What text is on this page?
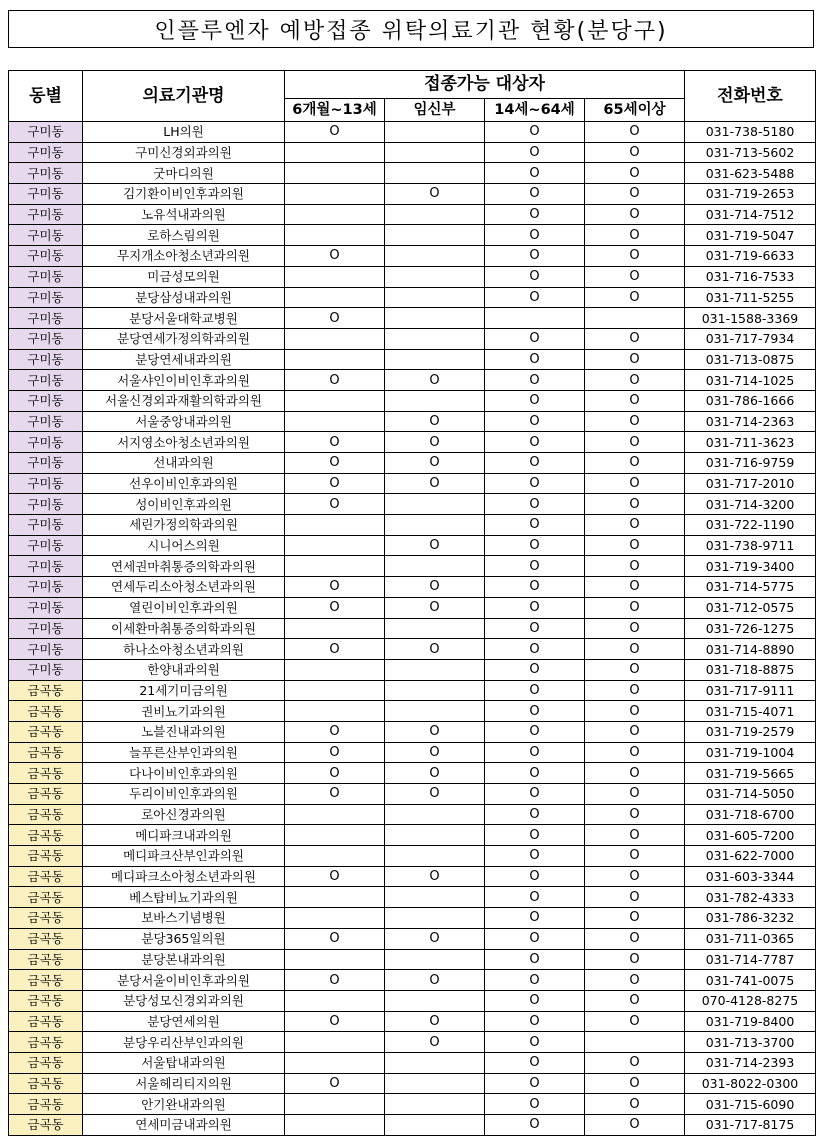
인플루엔자 예방접종 위탁의료기관 현황(분당구)
동별	의료기관명	접종가능 대상자				전화번호
		6개월~13세	임신부	14세~64세	65세이상	
구미동	LH의원	O		O	O	031-738-5180
구미동	구미신경외과의원			O	O	031-713-5602
구미동	굿마디의원			O	O	031-623-5488
구미동	김기환이비인후과의원		O	O	O	031-719-2653
구미동	노유석내과의원			O	O	031-714-7512
구미동	로하스림의원			O	O	031-719-5047
구미동	무지개소아청소년과의원	O		O	O	031-719-6633
구미동	미금성모의원			O	O	031-716-7533
구미동	분당삼성내과의원			O	O	031-711-5255
구미동	분당서울대학교병원	O				031-1588-3369
구미동	분당연세가정의학과의원			O	O	031-717-7934
구미동	분당연세내과의원			O	O	031-713-0875
구미동	서울샤인이비인후과의원	O	O	O	O	031-714-1025
구미동	서울신경외과재활의학과의원			O	O	031-786-1666
구미동	서울중앙내과의원		O	O	O	031-714-2363
구미동	서지영소아청소년과의원	O	O	O	O	031-711-3623
구미동	선내과의원	O	O	O	O	031-716-9759
구미동	선우이비인후과의원	O	O	O	O	031-717-2010
구미동	성이비인후과의원	O		O	O	031-714-3200
구미동	세린가정의학과의원			O	O	031-722-1190
구미동	시니어스의원		O	O	O	031-738-9711
구미동	연세권마취통증의학과의원			O	O	031-719-3400
구미동	연세두리소아청소년과의원	O	O	O	O	031-714-5775
구미동	열린이비인후과의원	O	O	O	O	031-712-0575
구미동	이세환마취통증의학과의원			O	O	031-726-1275
구미동	하나소아청소년과의원	O	O	O	O	031-714-8890
구미동	한양내과의원			O	O	031-718-8875
금곡동	21세기미금의원			O	O	031-717-9111
금곡동	권비뇨기과의원			O	O	031-715-4071
금곡동	노블진내과의원	O	O	O	O	031-719-2579
금곡동	늘푸른산부인과의원	O	O	O	O	031-719-1004
금곡동	다나이비인후과의원	O	O	O	O	031-719-5665
금곡동	두리이비인후과의원	O	O	O	O	031-714-5050
금곡동	로아신경과의원			O	O	031-718-6700
금곡동	메디파크내과의원			O	O	031-605-7200
금곡동	메디파크산부인과의원			O	O	031-622-7000
금곡동	메디파크소아청소년과의원	O	O	O	O	031-603-3344
금곡동	베스탑비뇨기과의원			O	O	031-782-4333
금곡동	보바스기념병원			O	O	031-786-3232
금곡동	분당365일의원	O	O	O	O	031-711-0365
금곡동	분당본내과의원			O	O	031-714-7787
금곡동	분당서울이비인후과의원	O	O	O	O	031-741-0075
금곡동	분당성모신경외과의원			O	O	070-4128-8275
금곡동	분당연세의원	O	O	O	O	031-719-8400
금곡동	분당우리산부인과의원		O	O		031-713-3700
금곡동	서울탑내과의원			O	O	031-714-2393
금곡동	서울헤리티지의원	O		O	O	031-8022-0300
금곡동	안기완내과의원			O	O	031-715-6090
금곡동	연세미금내과의원			O	O	031-717-8175
